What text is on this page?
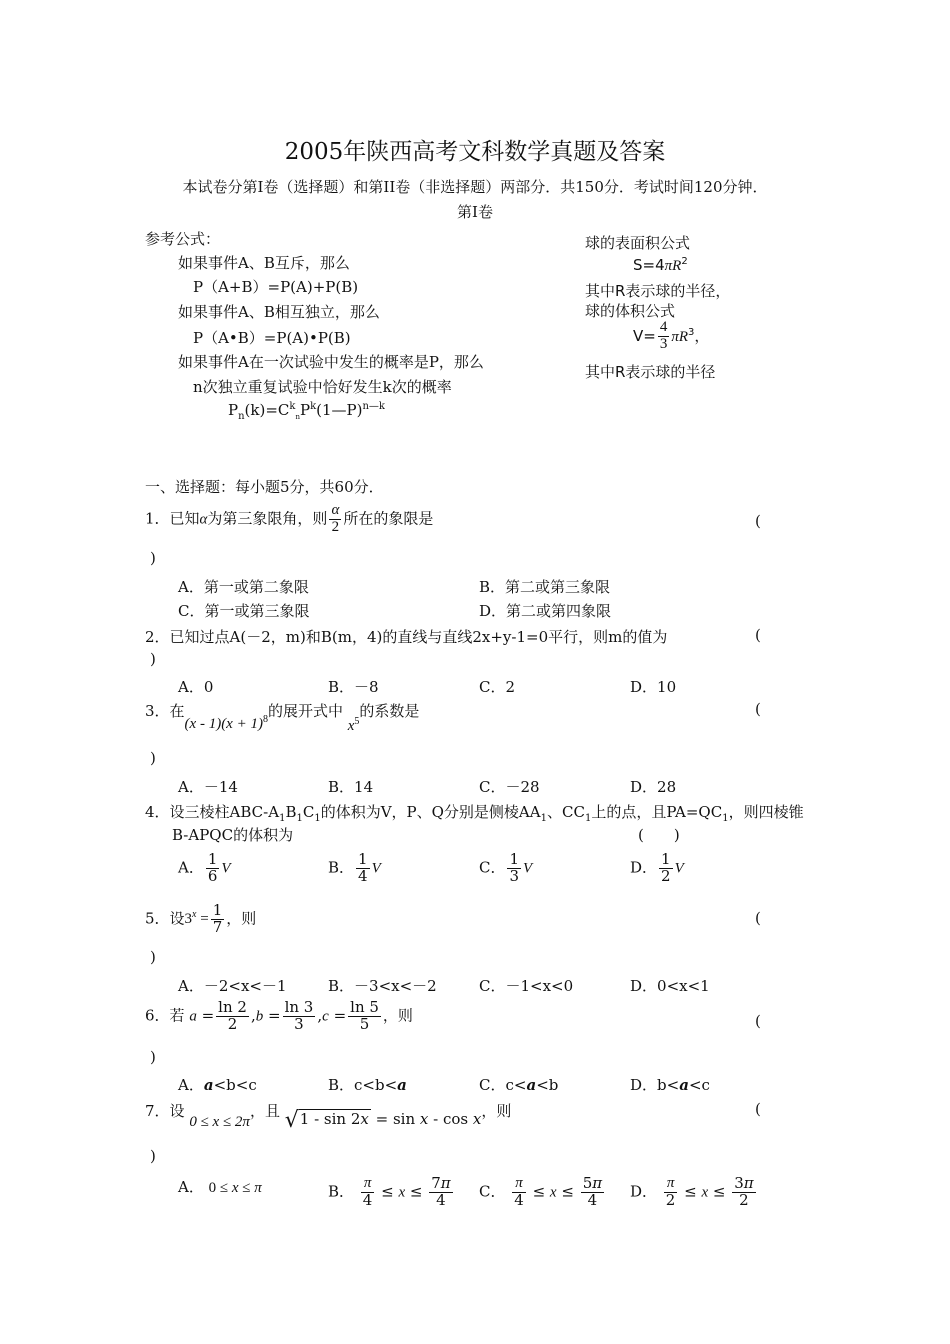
2005年陕西高考文科数学真题及答案
本试卷分第Ⅰ卷（选择题）和第II卷（非选择题）两部分．共150分．考试时间120分钟．
第Ⅰ卷
参考公式：
如果事件A、B互斥，那么
P（A+B）=P(A)+P(B)
如果事件A、B相互独立，那么
P（A•B）=P(A)•P(B)
如果事件A在一次试验中发生的概率是P，那么
n次独立重复试验中恰好发生k次的概率
$P_n(k)=C^k_nP^k(1—P)^{n—k}$
球的表面积公式
$S=4\pi R^2$
其中R表示球的半径，
球的体积公式
$V= \frac{4}{3} \pi R^3$，
其中R表示球的半径
一、选择题：每小题5分，共60分．
1．已知α为第三象限角，则 $\frac{\alpha}{2}$ 所在的象限是	(
)
A．第一或第二象限	B．第二或第三象限
C．第一或第三象限	D．第二或第四象限
2．已知过点A(－2，m)和B(m，4)的直线与直线2x+y-1=0平行，则m的值为	(
)
A．0	B．－8	C．2	D．10
3．在$(x - 1)(x + 1)^8$的展开式中 $x^5$的系数是	(
)
A．－14	B．14	C．－28	D．28
4．设三棱柱ABC-$A_1B_1C_1$的体积为V，P、Q分别是侧棱$AA_1$、$CC_1$上的点，且$PA=QC_1$，则四棱锥
B-APQC的体积为	(　　)
A． $\frac{1}{6}$ V	B． $\frac{1}{4}$ V	C． $\frac{1}{3}$ V	D． $\frac{1}{2}$ V
5．设$3^x = \frac{1}{7}$ ，则	(
)
A．－2<x<－1	B．－3<x<－2	C．－1<x<0	D．0<x<1
6．若 $a = \frac{\ln 2}{2} ,b = \frac{\ln 3}{3} ,c = \frac{\ln 5}{5}$ ，则	(
)
A．a<b<c	B．c<b<a	C．c<a<b	D．b<a<c
7．设 0 ≤ x ≤ 2π，且 √1 - sin 2x = sin x - cos x，则	(
)
A． 0 ≤ x ≤ π	B． $\frac{\pi}{4} \le x \le \frac{7\pi}{4}$ C． $\frac{\pi}{4} \le x \le \frac{5\pi}{4}$ D． $\frac{\pi}{2} \le x \le \frac{3\pi}{2}$
